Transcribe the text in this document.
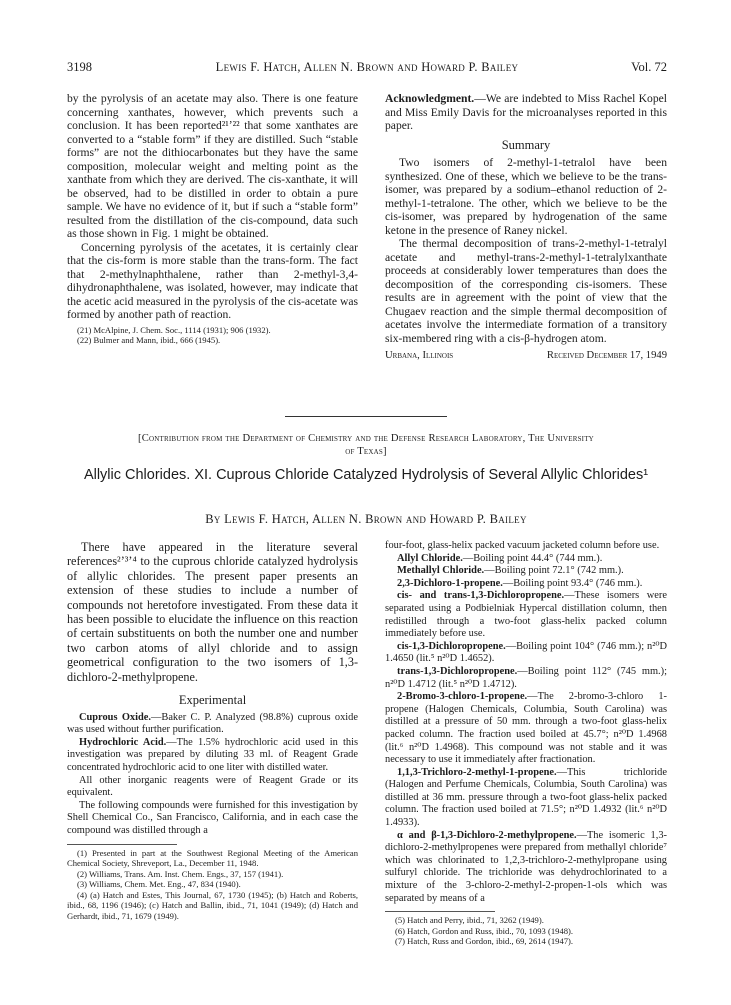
3198	Lewis F. Hatch, Allen N. Brown and Howard P. Bailey	Vol. 72

by the pyrolysis of an acetate may also. There is one feature concerning xanthates, however, which prevents such a conclusion. It has been reported²¹ʼ²² that some xanthates are converted to a “stable form” if they are distilled. Such “stable forms” are not the dithiocarbonates but they have the same composition, molecular weight and melting point as the xanthate from which they are derived. The cis-xanthate, it will be observed, had to be distilled in order to obtain a pure sample. We have no evidence of it, but if such a “stable form” resulted from the distillation of the cis-compound, data such as those shown in Fig. 1 might be obtained.

Concerning pyrolysis of the acetates, it is certainly clear that the cis-form is more stable than the trans-form. The fact that 2-methylnaphthalene, rather than 2-methyl-3,4-dihydronaphthalene, was isolated, however, may indicate that the acetic acid measured in the pyrolysis of the cis-acetate was formed by another path of reaction.

(21) McAlpine, J. Chem. Soc., 1114 (1931); 906 (1932).

(22) Bulmer and Mann, ibid., 666 (1945).

Acknowledgment.—We are indebted to Miss Rachel Kopel and Miss Emily Davis for the microanalyses reported in this paper.

Summary

Two isomers of 2-methyl-1-tetralol have been synthesized. One of these, which we believe to be the trans-isomer, was prepared by a sodium–ethanol reduction of 2-methyl-1-tetralone. The other, which we believe to be the cis-isomer, was prepared by hydrogenation of the same ketone in the presence of Raney nickel.

The thermal decomposition of trans-2-methyl-1-tetralyl acetate and methyl-trans-2-methyl-1-tetralylxanthate proceeds at considerably lower temperatures than does the decomposition of the corresponding cis-isomers. These results are in agreement with the point of view that the Chugaev reaction and the simple thermal decomposition of acetates involve the intermediate formation of a transitory six-membered ring with a cis-β-hydrogen atom.

Urbana, Illinois	Received December 17, 1949
[Contribution from the Department of Chemistry and the Defense Research Laboratory, The University
of Texas]
Allylic Chlorides. XI. Cuprous Chloride Catalyzed Hydrolysis of Several Allylic Chlorides¹
By Lewis F. Hatch, Allen N. Brown and Howard P. Bailey

There have appeared in the literature several references²ʼ³ʼ⁴ to the cuprous chloride catalyzed hydrolysis of allylic chlorides. The present paper presents an extension of these studies to include a number of compounds not heretofore investigated. From these data it has been possible to elucidate the influence on this reaction of certain substituents on both the number one and number two carbon atoms of allyl chloride and to assign geometrical configuration to the two isomers of 1,3-dichloro-2-methylpropene.

Experimental

Cuprous Oxide.—Baker C. P. Analyzed (98.8%) cuprous oxide was used without further purification.

Hydrochloric Acid.—The 1.5% hydrochloric acid used in this investigation was prepared by diluting 33 ml. of Reagent Grade concentrated hydrochloric acid to one liter with distilled water.

All other inorganic reagents were of Reagent Grade or its equivalent.

The following compounds were furnished for this investigation by Shell Chemical Co., San Francisco, California, and in each case the compound was distilled through a

(1) Presented in part at the Southwest Regional Meeting of the American Chemical Society, Shreveport, La., December 11, 1948.

(2) Williams, Trans. Am. Inst. Chem. Engs., 37, 157 (1941).

(3) Williams, Chem. Met. Eng., 47, 834 (1940).

(4) (a) Hatch and Estes, This Journal, 67, 1730 (1945); (b) Hatch and Roberts, ibid., 68, 1196 (1946); (c) Hatch and Ballin, ibid., 71, 1041 (1949); (d) Hatch and Gerhardt, ibid., 71, 1679 (1949).

four-foot, glass-helix packed vacuum jacketed column before use.

Allyl Chloride.—Boiling point 44.4° (744 mm.).

Methallyl Chloride.—Boiling point 72.1° (742 mm.).

2,3-Dichloro-1-propene.—Boiling point 93.4° (746 mm.).

cis- and trans-1,3-Dichloropropene.—These isomers were separated using a Podbielniak Hypercal distillation column, then redistilled through a two-foot glass-helix packed column immediately before use.

cis-1,3-Dichloropropene.—Boiling point 104° (746 mm.); n²⁰D 1.4650 (lit.⁵ n²⁰D 1.4652).

trans-1,3-Dichloropropene.—Boiling point 112° (745 mm.); n²⁰D 1.4712 (lit.⁵ n²⁰D 1.4712).

2-Bromo-3-chloro-1-propene.—The 2-bromo-3-chloro 1-propene (Halogen Chemicals, Columbia, South Carolina) was distilled at a pressure of 50 mm. through a two-foot glass-helix packed column. The fraction used boiled at 45.7°; n²⁰D 1.4968 (lit.⁶ n²⁰D 1.4968). This compound was not stable and it was necessary to use it immediately after fractionation.

1,1,3-Trichloro-2-methyl-1-propene.—This trichloride (Halogen and Perfume Chemicals, Columbia, South Carolina) was distilled at 36 mm. pressure through a two-foot glass-helix packed column. The fraction used boiled at 71.5°; n²⁰D 1.4932 (lit.⁶ n²⁰D 1.4933).

α and β-1,3-Dichloro-2-methylpropene.—The isomeric 1,3-dichloro-2-methylpropenes were prepared from methallyl chloride⁷ which was chlorinated to 1,2,3-trichloro-2-methylpropane using sulfuryl chloride. The trichloride was dehydrochlorinated to a mixture of the 3-chloro-2-methyl-2-propen-1-ols which was separated by means of a

(5) Hatch and Perry, ibid., 71, 3262 (1949).

(6) Hatch, Gordon and Russ, ibid., 70, 1093 (1948).

(7) Hatch, Russ and Gordon, ibid., 69, 2614 (1947).
